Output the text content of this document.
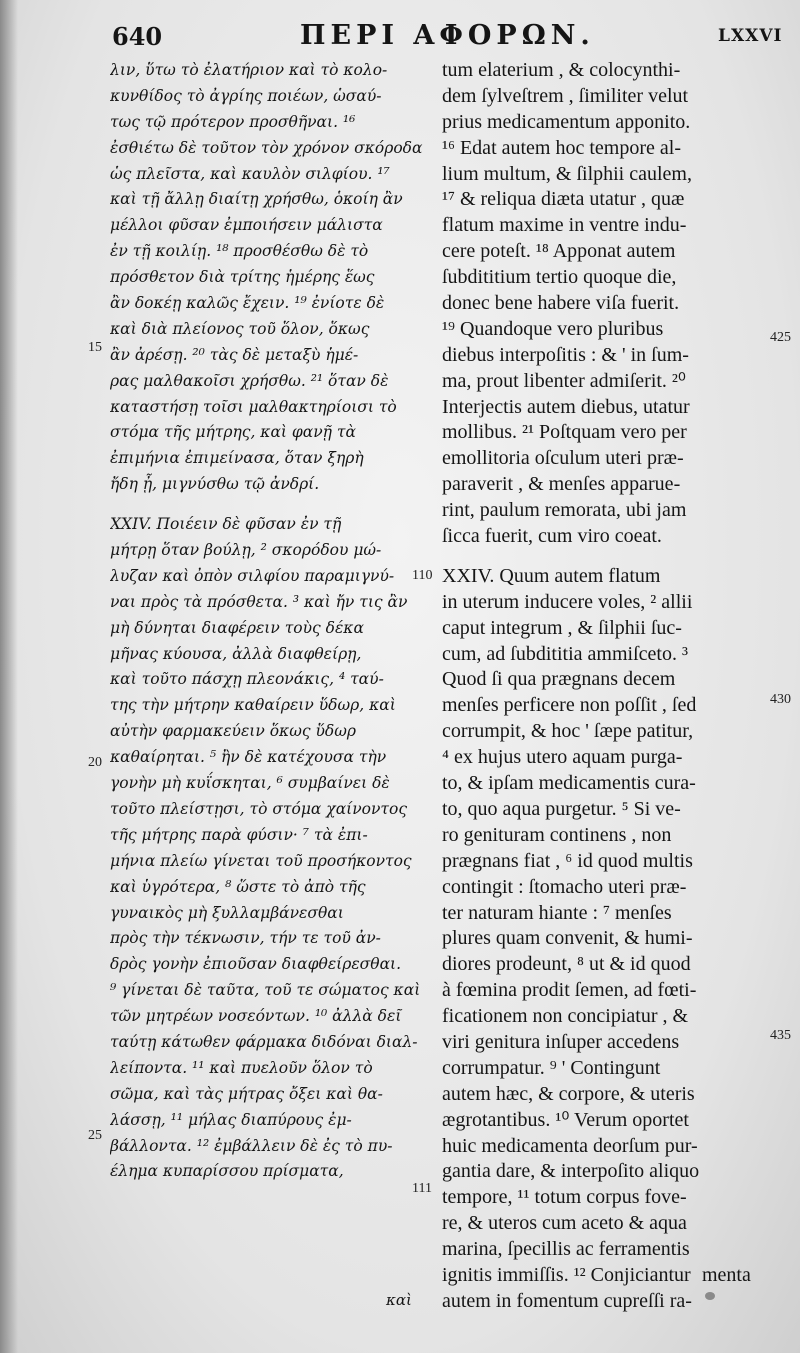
640	ΠΕΡΙ ΑΦΟΡΩΝ.	LXXVI
λιν, ὕτω τὸ ἐλατήριον καὶ τὸ κολο-
κυνθίδος τὸ ἀγρίης ποιέων, ὡσαύ-
τως τῷ πρότερον προσθῆναι. ¹⁶
ἐσθιέτω δὲ τοῦτον τὸν χρόνον σκόροδα
ὡς πλεῖστα, καὶ καυλὸν σιλφίου. ¹⁷
καὶ τῇ ἄλλῃ διαίτῃ χρήσθω, ὁκοίη ἂν
μέλλοι φῦσαν ἐμποιήσειν μάλιστα
ἐν τῇ κοιλίῃ. ¹⁸ προσθέσθω δὲ τὸ
πρόσθετον διὰ τρίτης ἡμέρης ἕως
ἂν δοκέῃ καλῶς ἔχειν. ¹⁹ ἐνίοτε δὲ
καὶ διὰ πλείονος τοῦ ὅλον, ὅκως
ἂν ἀρέσῃ. ²⁰ τὰς δὲ μεταξὺ ἡμέ-
ρας μαλθακοῖσι χρήσθω. ²¹ ὅταν δὲ
καταστήσῃ τοῖσι μαλθακτηρίοισι τὸ
στόμα τῆς μήτρης, καὶ φανῇ τὰ
ἐπιμήνια ἐπιμείνασα, ὅταν ξηρὴ
ἤδη ᾖ, μιγνύσθω τῷ ἀνδρί.
XXIV. Ποιέειν δὲ φῦσαν ἐν τῇ
μήτρῃ ὅταν βούλῃ, ² σκορόδου μώ-
λυζαν καὶ ὀπὸν σιλφίου παραμιγνύ-
ναι πρὸς τὰ πρόσθετα. ³ καὶ ἤν τις ἂν
μὴ δύνηται διαφέρειν τοὺς δέκα
μῆνας κύουσα, ἀλλὰ διαφθείρῃ,
καὶ τοῦτο πάσχῃ πλεονάκις, ⁴ ταύ-
της τὴν μήτρην καθαίρειν ὕδωρ, καὶ
αὐτὴν φαρμακεύειν ὅκως ὕδωρ
καθαίρηται. ⁵ ἢν δὲ κατέχουσα τὴν
γονὴν μὴ κυΐσκηται, ⁶ συμβαίνει δὲ
τοῦτο πλείστῃσι, τὸ στόμα χαίνοντος
τῆς μήτρης παρὰ φύσιν· ⁷ τὰ ἐπι-
μήνια πλείω γίνεται τοῦ προσήκοντος
καὶ ὑγρότερα, ⁸ ὥστε τὸ ἀπὸ τῆς
γυναικὸς μὴ ξυλλαμβάνεσθαι
πρὸς τὴν τέκνωσιν, τήν τε τοῦ ἀν-
δρὸς γονὴν ἐπιοῦσαν διαφθείρεσθαι.
⁹ γίνεται δὲ ταῦτα, τοῦ τε σώματος καὶ
τῶν μητρέων νοσεόντων. ¹⁰ ἀλλὰ δεῖ
ταύτῃ κάτωθεν φάρμακα διδόναι διαλ-
λείποντα. ¹¹ καὶ πυελοῦν ὅλον τὸ
σῶμα, καὶ τὰς μήτρας ὄξει καὶ θα-
λάσσῃ, ¹¹ μήλας διαπύρους ἐμ-
βάλλοντα. ¹² ἐμβάλλειν δὲ ἐς τὸ πυ-
έλημα κυπαρίσσου πρίσματα,
tum elaterium , & colocynthi-
dem ſylveſtrem , ſimiliter velut
prius medicamentum apponito.
¹⁶ Edat autem hoc tempore al-
lium multum, & ſilphii caulem,
¹⁷ & reliqua diæta utatur , quæ
flatum maxime in ventre indu-
cere poteſt. ¹⁸ Apponat autem
ſubdititium tertio quoque die,
donec bene habere viſa fuerit.
¹⁹ Quandoque vero pluribus
diebus interpoſitis : & ' in ſum-
ma, prout libenter admiſerit. ²⁰
Interjectis autem diebus, utatur
mollibus. ²¹ Poſtquam vero per
emollitoria oſculum uteri præ-
paraverit , & menſes apparue-
rint, paulum remorata, ubi jam
ſicca fuerit, cum viro coeat.
XXIV. Quum autem flatum
in uterum inducere voles, ² allii
caput integrum , & ſilphii ſuc-
cum, ad ſubdititia ammiſceto. ³
Quod ſi qua prægnans decem
menſes perficere non poſſit , ſed
corrumpit, & hoc ' ſæpe patitur,
⁴ ex hujus utero aquam purga-
to, & ipſam medicamentis cura-
to, quo aqua purgetur. ⁵ Si ve-
ro genituram continens , non
prægnans fiat , ⁶ id quod multis
contingit : ſtomacho uteri præ-
ter naturam hiante : ⁷ menſes
plures quam convenit, & humi-
diores prodeunt, ⁸ ut & id quod
à fœmina prodit ſemen, ad fœti-
ficationem non concipiatur , &
viri genitura inſuper accedens
corrumpatur. ⁹ ' Contingunt
autem hæc, & corpore, & uteris
ægrotantibus. ¹⁰ Verum oportet
huic medicamenta deorſum pur-
gantia dare, & interpoſito aliquo
tempore, ¹¹ totum corpus fove-
re, & uteros cum aceto & aqua
marina, ſpecillis ac ferramentis
ignitis immiſſis. ¹² Conjiciantur
autem in fomentum cupreſſi ra-
15
20
25
110
111
425
430
435
καὶ
menta
